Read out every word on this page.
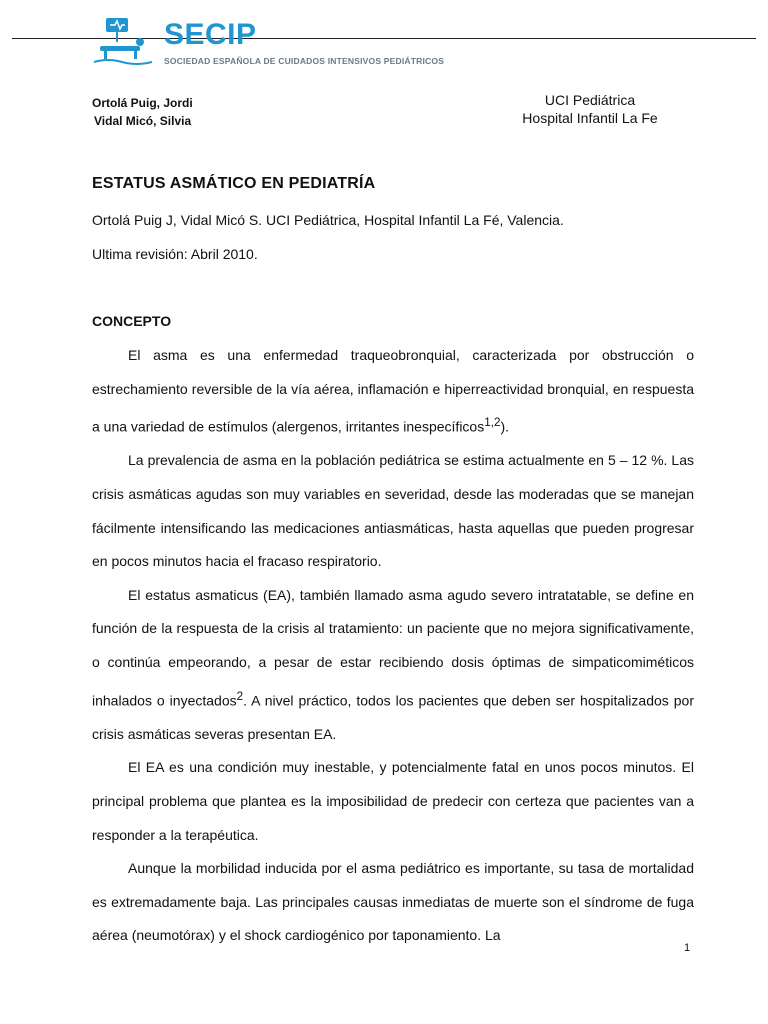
SECIP
SOCIEDAD ESPAÑOLA DE CUIDADOS INTENSIVOS PEDIÁTRICOS
Ortolá Puig, Jordi
Vidal Micó, Silvia
UCI Pediátrica
Hospital Infantil La Fe
ESTATUS ASMÁTICO EN PEDIATRÍA

Ortolá Puig J, Vidal Micó S. UCI Pediátrica, Hospital Infantil La Fé, Valencia.

Ultima revisión: Abril 2010.

CONCEPTO

El asma es una enfermedad traqueobronquial, caracterizada por obstrucción o estrechamiento reversible de la vía aérea, inflamación e hiperreactividad bronquial, en respuesta a una variedad de estímulos (alergenos, irritantes inespecíficos$^{1,2}$).

La prevalencia de asma en la población pediátrica se estima actualmente en 5 – 12 %. Las crisis asmáticas agudas son muy variables en severidad, desde las moderadas que se manejan fácilmente intensificando las medicaciones antiasmáticas, hasta aquellas que pueden progresar en pocos minutos hacia el fracaso respiratorio.

El estatus asmaticus (EA), también llamado asma agudo severo intratatable, se define en función de la respuesta de la crisis al tratamiento: un paciente que no mejora significativamente, o continúa empeorando, a pesar de estar recibiendo dosis óptimas de simpaticomiméticos inhalados o inyectados$^2$. A nivel práctico, todos los pacientes que deben ser hospitalizados por crisis asmáticas severas presentan EA.

El EA es una condición muy inestable, y potencialmente fatal en unos pocos minutos. El principal problema que plantea es la imposibilidad de predecir con certeza que pacientes van a responder a la terapéutica.

Aunque la morbilidad inducida por el asma pediátrico es importante, su tasa de mortalidad es extremadamente baja. Las principales causas inmediatas de muerte son el síndrome de fuga aérea (neumotórax) y el shock cardiogénico por taponamiento. La

1
